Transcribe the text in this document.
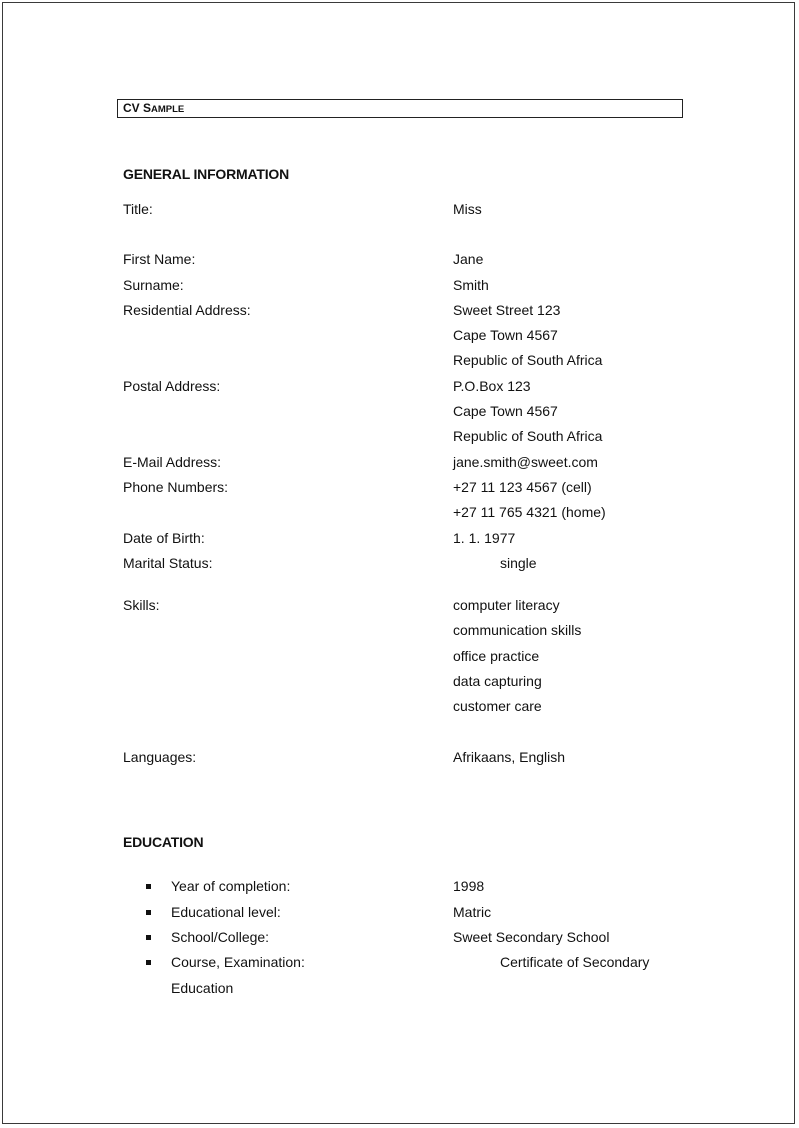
CV SAMPLE
GENERAL INFORMATION
Title:	Miss
First Name:	Jane
Surname:	Smith
Residential Address:	Sweet Street 123
Cape Town 4567
Republic of South Africa
Postal Address:	P.O.Box 123
Cape Town 4567
Republic of South Africa
E-Mail Address:	jane.smith@sweet.com
Phone Numbers:	+27 11 123 4567 (cell)
+27 11 765 4321 (home)
Date of Birth:	1. 1. 1977
Marital Status:	single
Skills:	computer literacy
communication skills
office practice
data capturing
customer care
Languages:	Afrikaans, English
EDUCATION
Year of completion:	1998
Educational level:	Matric
School/College:	Sweet Secondary School
Course, Examination:	Certificate of Secondary
Education
